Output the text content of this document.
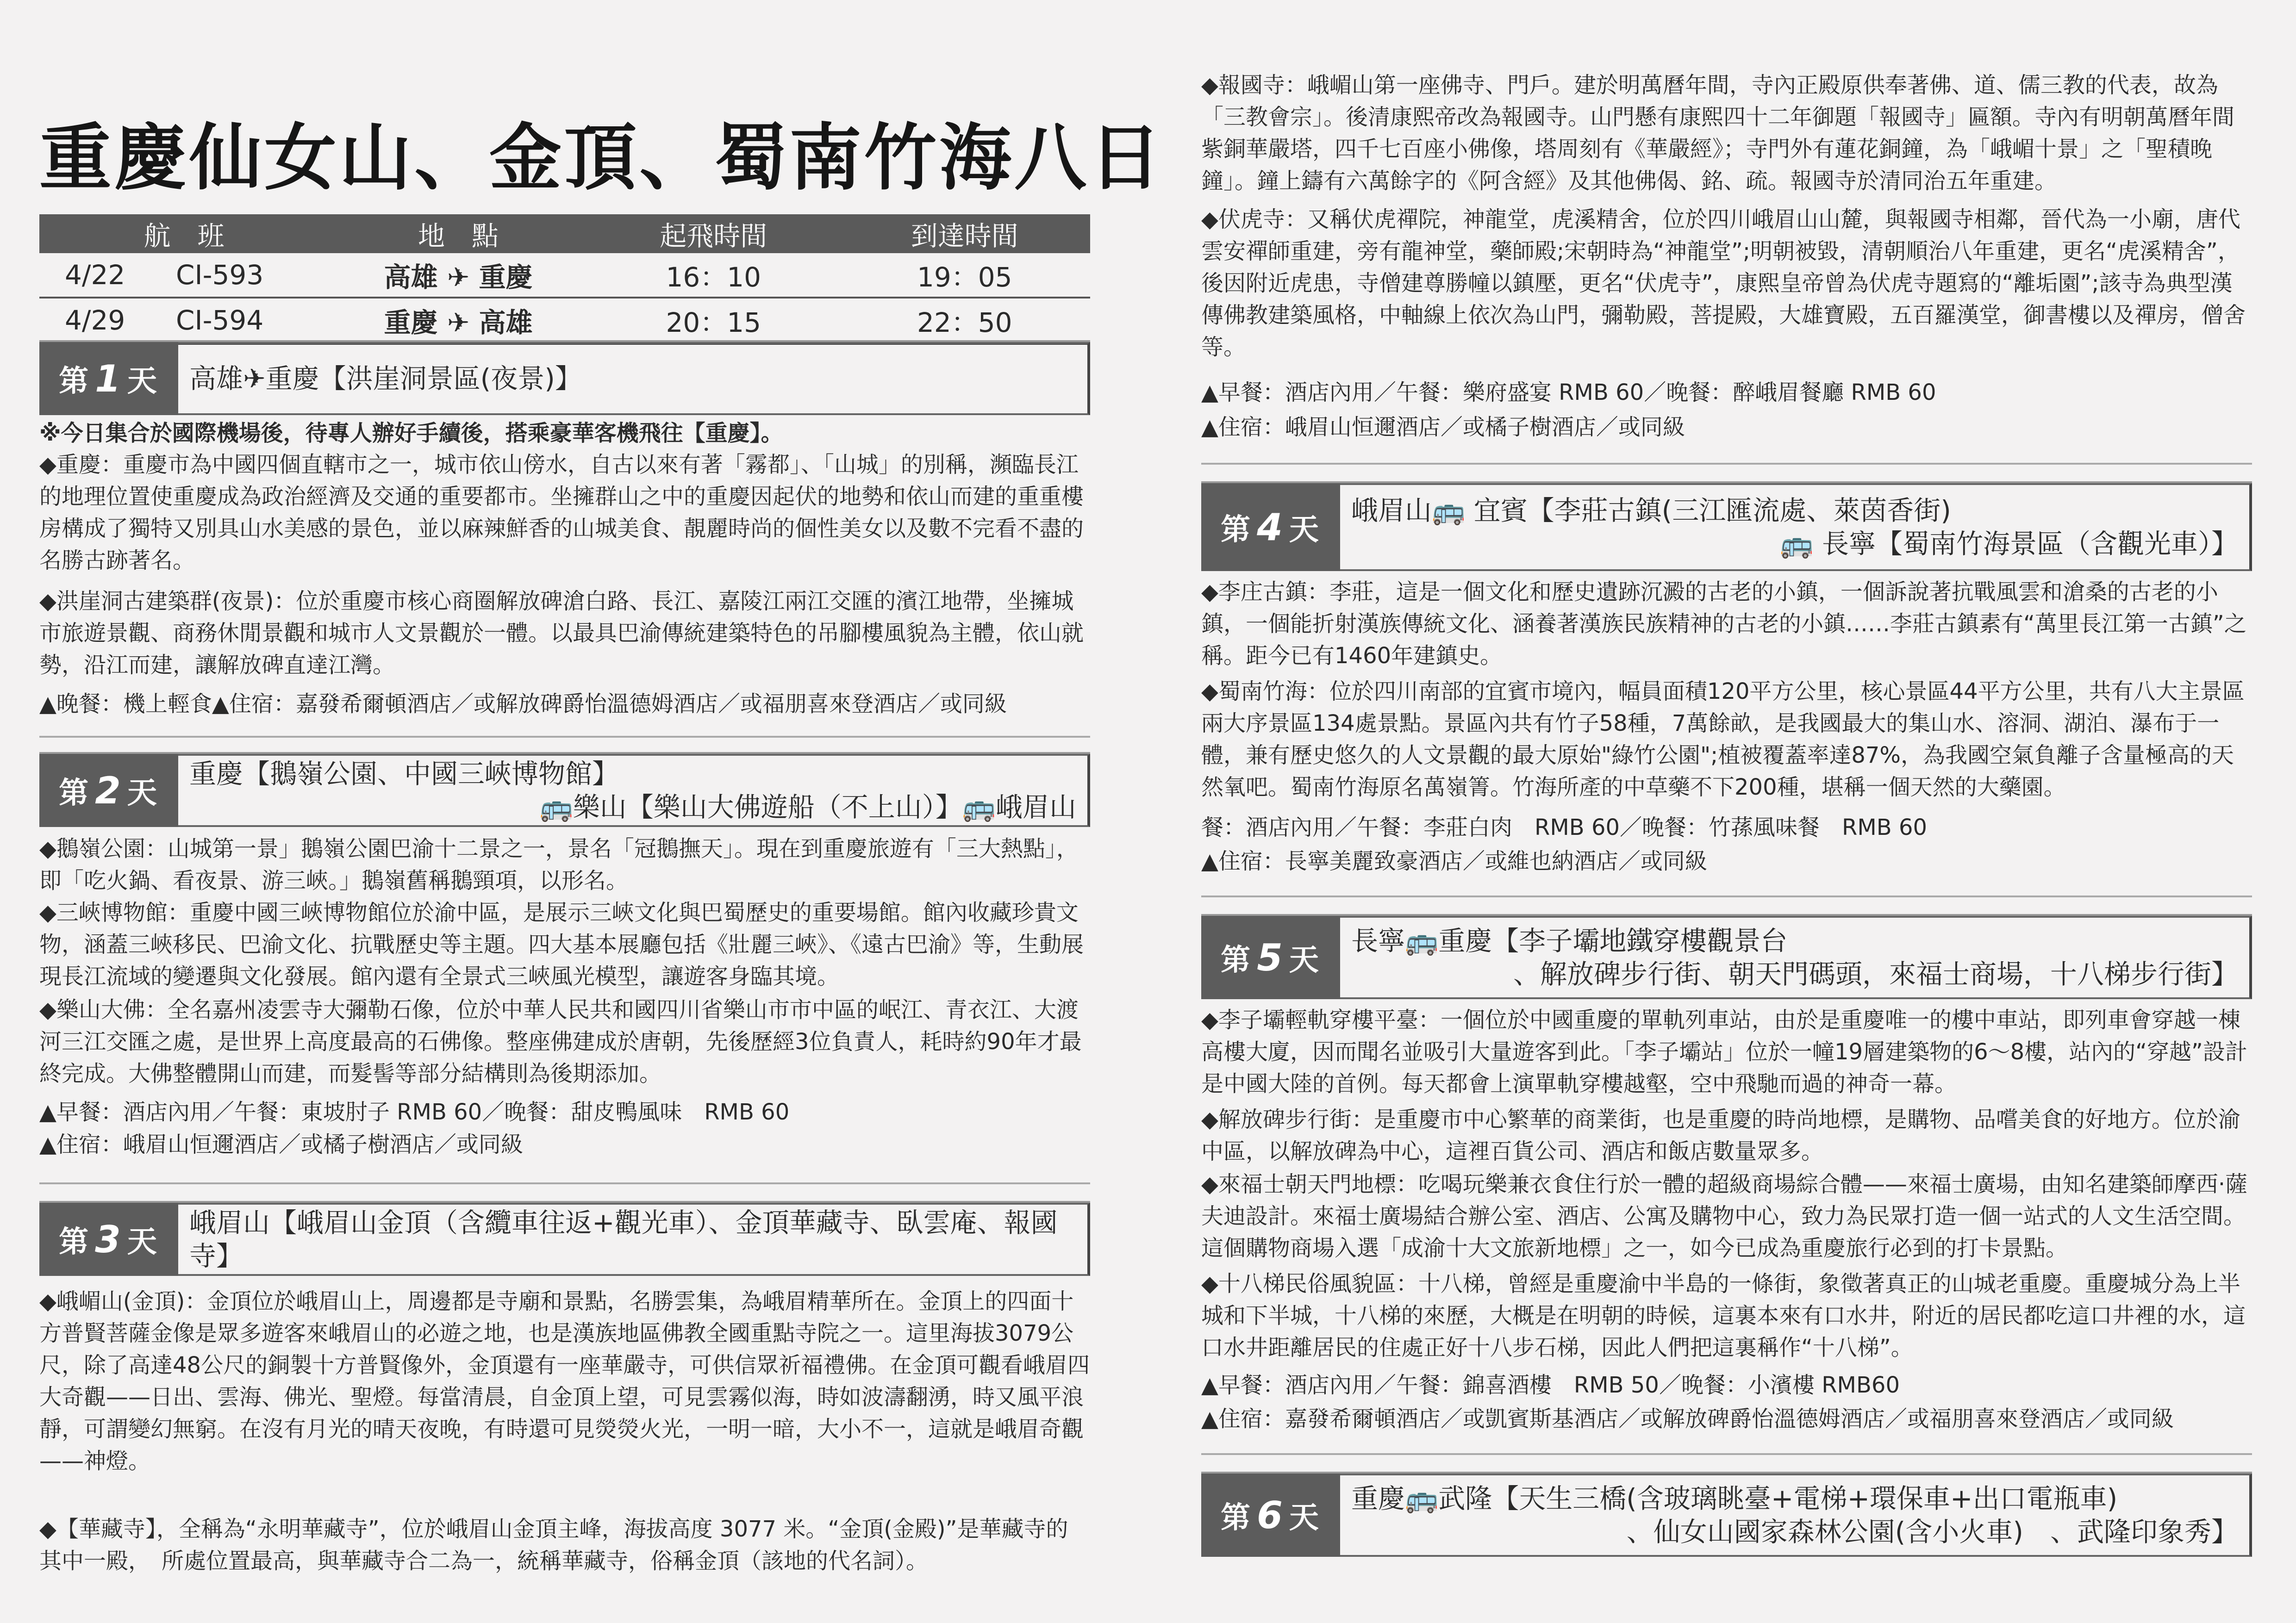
重慶仙女山、金頂、蜀南竹海八日
航　班		地　點	起飛時間	到達時間
4/22	CI-593	高雄 ✈ 重慶	16：10	19：05
4/29	CI-594	重慶 ✈ 高雄	20：15	22：50
第 1 天 高雄✈重慶【洪崖洞景區(夜景)】
※今日集合於國際機場後，待專人辦好手續後，搭乘豪華客機飛往【重慶】。
◆重慶：重慶市為中國四個直轄市之一，城市依山傍水，自古以來有著「霧都」、「山城」的別稱，瀕臨長江的地理位置使重慶成為政治經濟及交通的重要都市。坐擁群山之中的重慶因起伏的地勢和依山而建的重重樓房構成了獨特又別具山水美感的景色，並以麻辣鮮香的山城美食、靚麗時尚的個性美女以及數不完看不盡的名勝古跡著名。
◆洪崖洞古建築群(夜景)：位於重慶市核心商圈解放碑滄白路、長江、嘉陵江兩江交匯的濱江地帶，坐擁城市旅遊景觀、商務休閒景觀和城市人文景觀於一體。以最具巴渝傳統建築特色的吊腳樓風貌為主體，依山就勢，沿江而建，讓解放碑直達江灣。
▲晚餐：機上輕食▲住宿：嘉發希爾頓酒店／或解放碑爵怡溫德姆酒店／或福朋喜來登酒店／或同級
第 2 天
重慶【鵝嶺公園、中國三峽博物館】
🚌樂山【樂山大佛遊船（不上山）】🚌峨眉山
◆鵝嶺公園：山城第一景」鵝嶺公園巴渝十二景之一，景名「冠鵝撫天」。現在到重慶旅遊有「三大熱點」，即「吃火鍋、看夜景、游三峽。」鵝嶺舊稱鵝頸項，以形名。
◆三峽博物館：重慶中國三峽博物館位於渝中區，是展示三峽文化與巴蜀歷史的重要場館。館內收藏珍貴文物，涵蓋三峽移民、巴渝文化、抗戰歷史等主題。四大基本展廳包括《壯麗三峽》、《遠古巴渝》等，生動展現長江流域的變遷與文化發展。館內還有全景式三峽風光模型，讓遊客身臨其境。
◆樂山大佛：全名嘉州凌雲寺大彌勒石像，位於中華人民共和國四川省樂山市市中區的岷江、青衣江、大渡河三江交匯之處，是世界上高度最高的石佛像。整座佛建成於唐朝，先後歷經3位負責人，耗時約90年才最終完成。大佛整體開山而建，而髮髻等部分結構則為後期添加。
▲早餐：酒店內用／午餐：東坡肘子 RMB 60／晚餐：甜皮鴨風味　RMB 60
▲住宿：峨眉山恒邇酒店／或橘子樹酒店／或同級
第 3 天
峨眉山【峨眉山金頂（含纜車往返+觀光車）、金頂華藏寺、臥雲庵、報國寺】
◆峨嵋山(金頂)：金頂位於峨眉山上，周邊都是寺廟和景點，名勝雲集，為峨眉精華所在。金頂上的四面十方普賢菩薩金像是眾多遊客來峨眉山的必遊之地，也是漢族地區佛教全國重點寺院之一。這里海拔3079公尺，除了高達48公尺的銅製十方普賢像外，金頂還有一座華嚴寺，可供信眾祈福禮佛。在金頂可觀看峨眉四大奇觀——日出、雲海、佛光、聖燈。每當清晨，自金頂上望，可見雲霧似海，時如波濤翻湧，時又風平浪靜，可謂變幻無窮。在沒有月光的晴天夜晚，有時還可見熒熒火光，一明一暗，大小不一，這就是峨眉奇觀——神燈。
◆【華藏寺】，全稱為“永明華藏寺”，位於峨眉山金頂主峰，海拔高度 3077 米。“金頂(金殿)”是華藏寺的其中一殿，　所處位置最高，與華藏寺合二為一，統稱華藏寺，俗稱金頂（該地的代名詞）。
◆報國寺：峨嵋山第一座佛寺、門戶。建於明萬曆年間，寺內正殿原供奉著佛、道、儒三教的代表，故為「三教會宗」。後清康熙帝改為報國寺。山門懸有康熙四十二年御題「報國寺」匾額。寺內有明朝萬曆年間紫銅華嚴塔，四千七百座小佛像，塔周刻有《華嚴經》；寺門外有蓮花銅鐘，為「峨嵋十景」之「聖積晚鐘」。鐘上鑄有六萬餘字的《阿含經》及其他佛偈、銘、疏。報國寺於清同治五年重建。
◆伏虎寺：又稱伏虎禪院，神龍堂，虎溪精舍，位於四川峨眉山山麓，與報國寺相鄰，晉代為一小廟，唐代雲安禪師重建，旁有龍神堂，藥師殿;宋朝時為“神龍堂”;明朝被毀，清朝順治八年重建，更名“虎溪精舍”，後因附近虎患，寺僧建尊勝幢以鎮壓，更名“伏虎寺”，康熙皇帝曾為伏虎寺題寫的“離垢園”;該寺為典型漢傳佛教建築風格，中軸線上依次為山門，彌勒殿，菩提殿，大雄寶殿，五百羅漢堂，御書樓以及禪房，僧舍等。
▲早餐：酒店內用／午餐：樂府盛宴 RMB 60／晚餐：醉峨眉餐廳 RMB 60
▲住宿：峨眉山恒邇酒店／或橘子樹酒店／或同級
第 4 天
峨眉山🚌 宜賓【李莊古鎮(三江匯流處、萊茵香街)
🚌 長寧【蜀南竹海景區（含觀光車）】
◆李庄古鎮：李莊，這是一個文化和歷史遺跡沉澱的古老的小鎮，一個訴說著抗戰風雲和滄桑的古老的小鎮，一個能折射漢族傳統文化、涵養著漢族民族精神的古老的小鎮……李莊古鎮素有“萬里長江第一古鎮”之稱。距今已有1460年建鎮史。
◆蜀南竹海：位於四川南部的宜賓市境內，幅員面積120平方公里，核心景區44平方公里，共有八大主景區兩大序景區134處景點。景區內共有竹子58種，7萬餘畝，是我國最大的集山水、溶洞、湖泊、瀑布于一體，兼有歷史悠久的人文景觀的最大原始"綠竹公園";植被覆蓋率達87%，為我國空氣負離子含量極高的天然氧吧。蜀南竹海原名萬嶺箐。竹海所產的中草藥不下200種，堪稱一個天然的大藥園。
餐：酒店內用／午餐：李莊白肉　RMB 60／晚餐：竹蓀風味餐　RMB 60
▲住宿：長寧美麗致豪酒店／或維也納酒店／或同級
第 5 天
長寧🚌重慶【李子壩地鐵穿樓觀景台
、解放碑步行街、朝天門碼頭，來福士商場，十八梯步行街】
◆李子壩輕軌穿樓平臺：一個位於中國重慶的單軌列車站，由於是重慶唯一的樓中車站，即列車會穿越一棟高樓大廈，因而聞名並吸引大量遊客到此。「李子壩站」位於一幢19層建築物的6～8樓，站內的“穿越”設計是中國大陸的首例。每天都會上演單軌穿樓越壑，空中飛馳而過的神奇一幕。
◆解放碑步行街：是重慶市中心繁華的商業街，也是重慶的時尚地標，是購物、品嚐美食的好地方。位於渝中區，以解放碑為中心，這裡百貨公司、酒店和飯店數量眾多。
◆來福士朝天門地標：吃喝玩樂兼衣食住行於一體的超級商場綜合體——來福士廣場，由知名建築師摩西·薩夫迪設計。來福士廣場結合辦公室、酒店、公寓及購物中心，致力為民眾打造一個一站式的人文生活空間。這個購物商場入選「成渝十大文旅新地標」之一，如今已成為重慶旅行必到的打卡景點。
◆十八梯民俗風貌區：十八梯，曾經是重慶渝中半島的一條街，象徵著真正的山城老重慶。重慶城分為上半城和下半城，十八梯的來歷，大概是在明朝的時候，這裏本來有口水井，附近的居民都吃這口井裡的水，這口水井距離居民的住處正好十八步石梯，因此人們把這裏稱作“十八梯”。
▲早餐：酒店內用／午餐：錦喜酒樓　RMB 50／晚餐：小濱樓 RMB60
▲住宿：嘉發希爾頓酒店／或凱賓斯基酒店／或解放碑爵怡溫德姆酒店／或福朋喜來登酒店／或同級
第 6 天
重慶🚌武隆【天生三橋(含玻璃眺臺+電梯+環保車+出口電瓶車)
、仙女山國家森林公園(含小火車)　、武隆印象秀】
